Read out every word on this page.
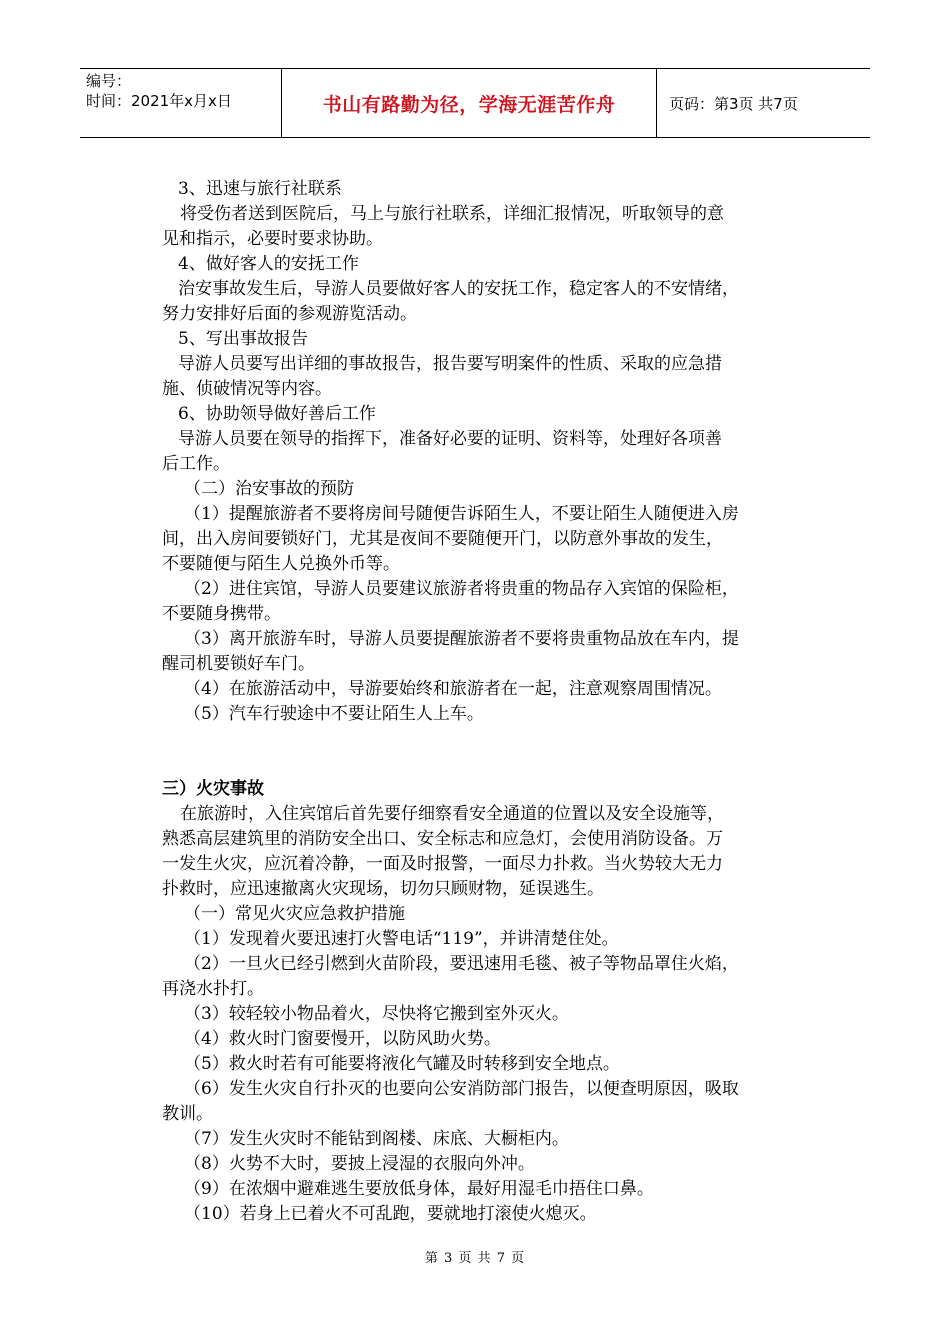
编号：
时间：2021年x月x日	书山有路勤为径，学海无涯苦作舟	页码：第3页 共7页

3、迅速与旅行社联系

将受伤者送到医院后，马上与旅行社联系，详细汇报情况，听取领导的意

见和指示，必要时要求协助。

4、做好客人的安抚工作

治安事故发生后，导游人员要做好客人的安抚工作，稳定客人的不安情绪，

努力安排好后面的参观游览活动。

5、写出事故报告

导游人员要写出详细的事故报告，报告要写明案件的性质、采取的应急措

施、侦破情况等内容。

6、协助领导做好善后工作

导游人员要在领导的指挥下，准备好必要的证明、资料等，处理好各项善

后工作。

（二）治安事故的预防

（1）提醒旅游者不要将房间号随便告诉陌生人，不要让陌生人随便进入房

间，出入房间要锁好门，尤其是夜间不要随便开门，以防意外事故的发生，

不要随便与陌生人兑换外币等。

（2）进住宾馆，导游人员要建议旅游者将贵重的物品存入宾馆的保险柜，

不要随身携带。

（3）离开旅游车时，导游人员要提醒旅游者不要将贵重物品放在车内，提

醒司机要锁好车门。

（4）在旅游活动中，导游要始终和旅游者在一起，注意观察周围情况。

（5）汽车行驶途中不要让陌生人上车。

三）火灾事故

在旅游时，入住宾馆后首先要仔细察看安全通道的位置以及安全设施等，

熟悉高层建筑里的消防安全出口、安全标志和应急灯，会使用消防设备。万

一发生火灾，应沉着冷静，一面及时报警，一面尽力扑救。当火势较大无力

扑救时，应迅速撤离火灾现场，切勿只顾财物，延误逃生。

（一）常见火灾应急救护措施

（1）发现着火要迅速打火警电话“119”，并讲清楚住处。

（2）一旦火已经引燃到火苗阶段，要迅速用毛毯、被子等物品罩住火焰，

再浇水扑打。

（3）较轻较小物品着火，尽快将它搬到室外灭火。

（4）救火时门窗要慢开，以防风助火势。

（5）救火时若有可能要将液化气罐及时转移到安全地点。

（6）发生火灾自行扑灭的也要向公安消防部门报告，以便查明原因，吸取

教训。

（7）发生火灾时不能钻到阁楼、床底、大橱柜内。

（8）火势不大时，要披上浸湿的衣服向外冲。

（9）在浓烟中避难逃生要放低身体，最好用湿毛巾捂住口鼻。

（10）若身上已着火不可乱跑，要就地打滚使火熄灭。

第 3 页 共 7 页
